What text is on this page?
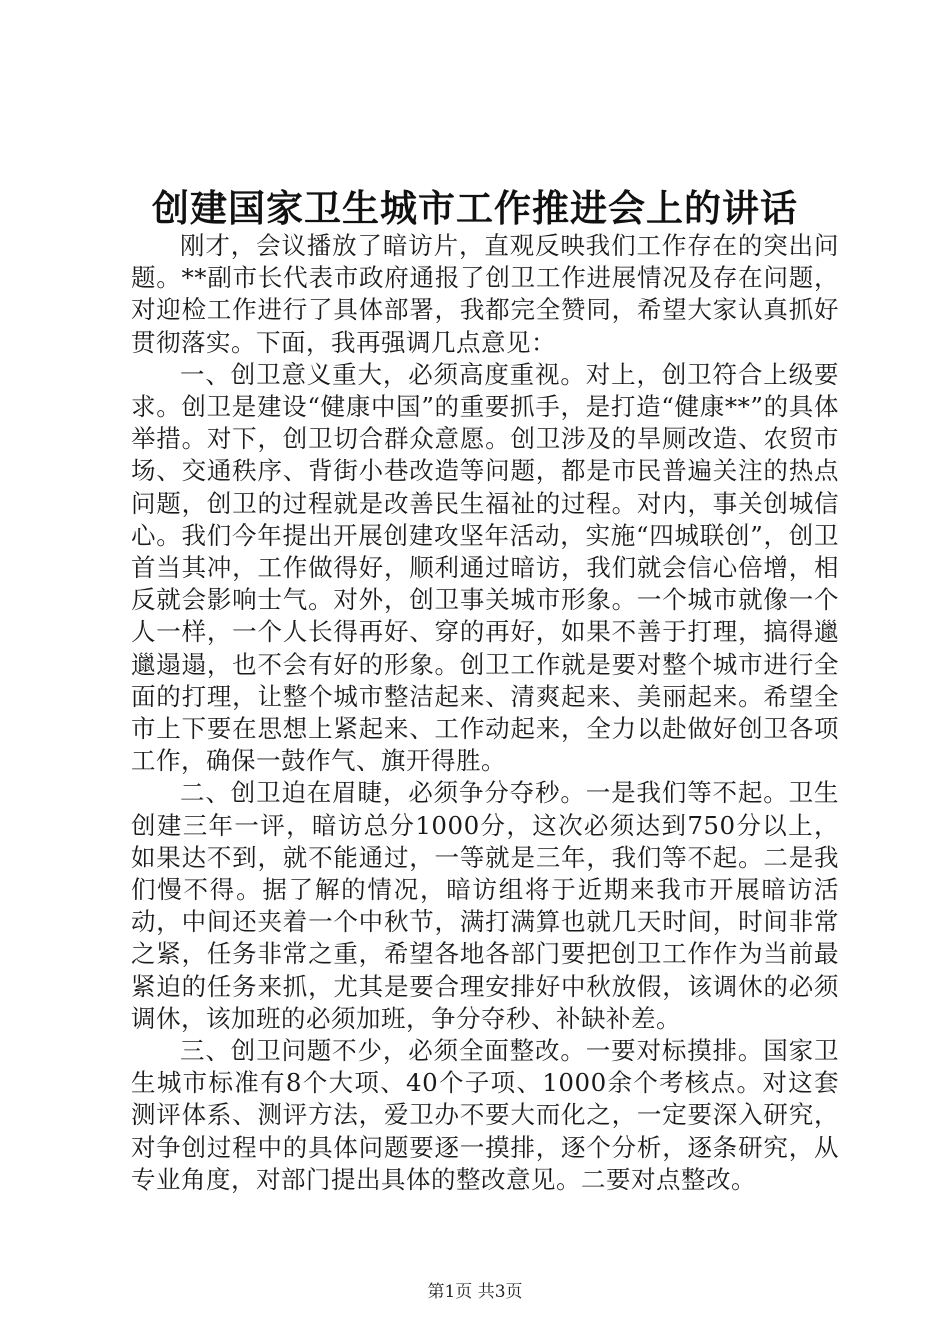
创建国家卫生城市工作推进会上的讲话

刚才，会议播放了暗访片，直观反映我们工作存在的突出问题。**副市长代表市政府通报了创卫工作进展情况及存在问题，对迎检工作进行了具体部署，我都完全赞同，希望大家认真抓好贯彻落实。下面，我再强调几点意见：

一、创卫意义重大，必须高度重视。对上，创卫符合上级要求。创卫是建设“健康中国”的重要抓手，是打造“健康**”的具体举措。对下，创卫切合群众意愿。创卫涉及的旱厕改造、农贸市场、交通秩序、背街小巷改造等问题，都是市民普遍关注的热点问题，创卫的过程就是改善民生福祉的过程。对内，事关创城信心。我们今年提出开展创建攻坚年活动，实施“四城联创”，创卫首当其冲，工作做得好，顺利通过暗访，我们就会信心倍增，相反就会影响士气。对外，创卫事关城市形象。一个城市就像一个人一样，一个人长得再好、穿的再好，如果不善于打理，搞得邋邋遢遢，也不会有好的形象。创卫工作就是要对整个城市进行全面的打理，让整个城市整洁起来、清爽起来、美丽起来。希望全市上下要在思想上紧起来、工作动起来，全力以赴做好创卫各项工作，确保一鼓作气、旗开得胜。

二、创卫迫在眉睫，必须争分夺秒。一是我们等不起。卫生创建三年一评，暗访总分1000分，这次必须达到750分以上，如果达不到，就不能通过，一等就是三年，我们等不起。二是我们慢不得。据了解的情况，暗访组将于近期来我市开展暗访活动，中间还夹着一个中秋节，满打满算也就几天时间，时间非常之紧，任务非常之重，希望各地各部门要把创卫工作作为当前最紧迫的任务来抓，尤其是要合理安排好中秋放假，该调休的必须调休，该加班的必须加班，争分夺秒、补缺补差。

三、创卫问题不少，必须全面整改。一要对标摸排。国家卫生城市标准有8个大项、40个子项、1000余个考核点。对这套测评体系、测评方法，爱卫办不要大而化之，一定要深入研究，对争创过程中的具体问题要逐一摸排，逐个分析，逐条研究，从专业角度，对部门提出具体的整改意见。二要对点整改。

第1页 共3页
